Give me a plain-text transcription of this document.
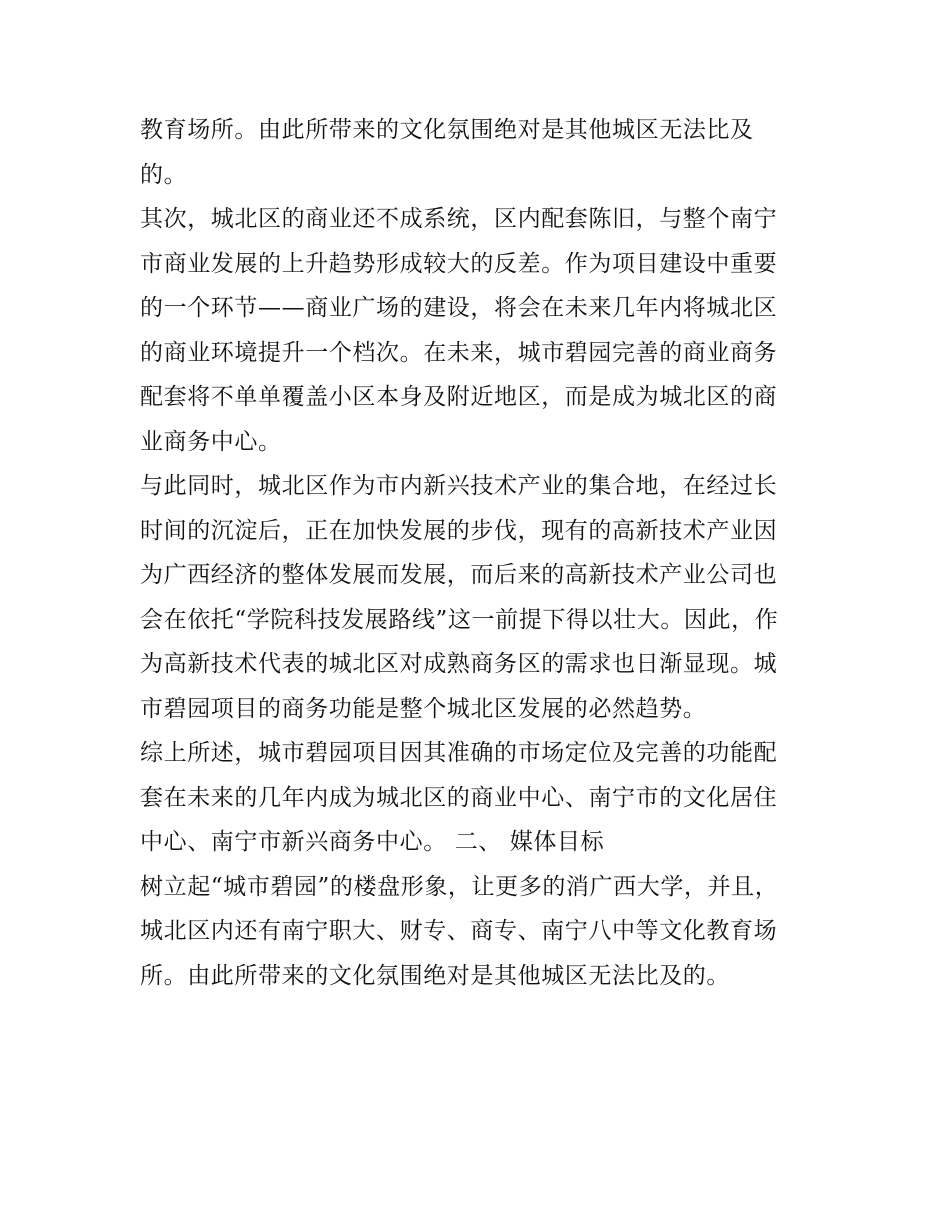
教育场所。由此所带来的文化氛围绝对是其他城区无法比及
的。
其次，城北区的商业还不成系统，区内配套陈旧，与整个南宁
市商业发展的上升趋势形成较大的反差。作为项目建设中重要
的一个环节——商业广场的建设，将会在未来几年内将城北区
的商业环境提升一个档次。在未来，城市碧园完善的商业商务
配套将不单单覆盖小区本身及附近地区，而是成为城北区的商
业商务中心。
与此同时，城北区作为市内新兴技术产业的集合地，在经过长
时间的沉淀后，正在加快发展的步伐，现有的高新技术产业因
为广西经济的整体发展而发展，而后来的高新技术产业公司也
会在依托“学院科技发展路线”这一前提下得以壮大。因此，作
为高新技术代表的城北区对成熟商务区的需求也日渐显现。城
市碧园项目的商务功能是整个城北区发展的必然趋势。
综上所述，城市碧园项目因其准确的市场定位及完善的功能配
套在未来的几年内成为城北区的商业中心、南宁市的文化居住
中心、南宁市新兴商务中心。 二、 媒体目标
树立起“城市碧园”的楼盘形象，让更多的消广西大学，并且，
城北区内还有南宁职大、财专、商专、南宁八中等文化教育场
所。由此所带来的文化氛围绝对是其他城区无法比及的。
